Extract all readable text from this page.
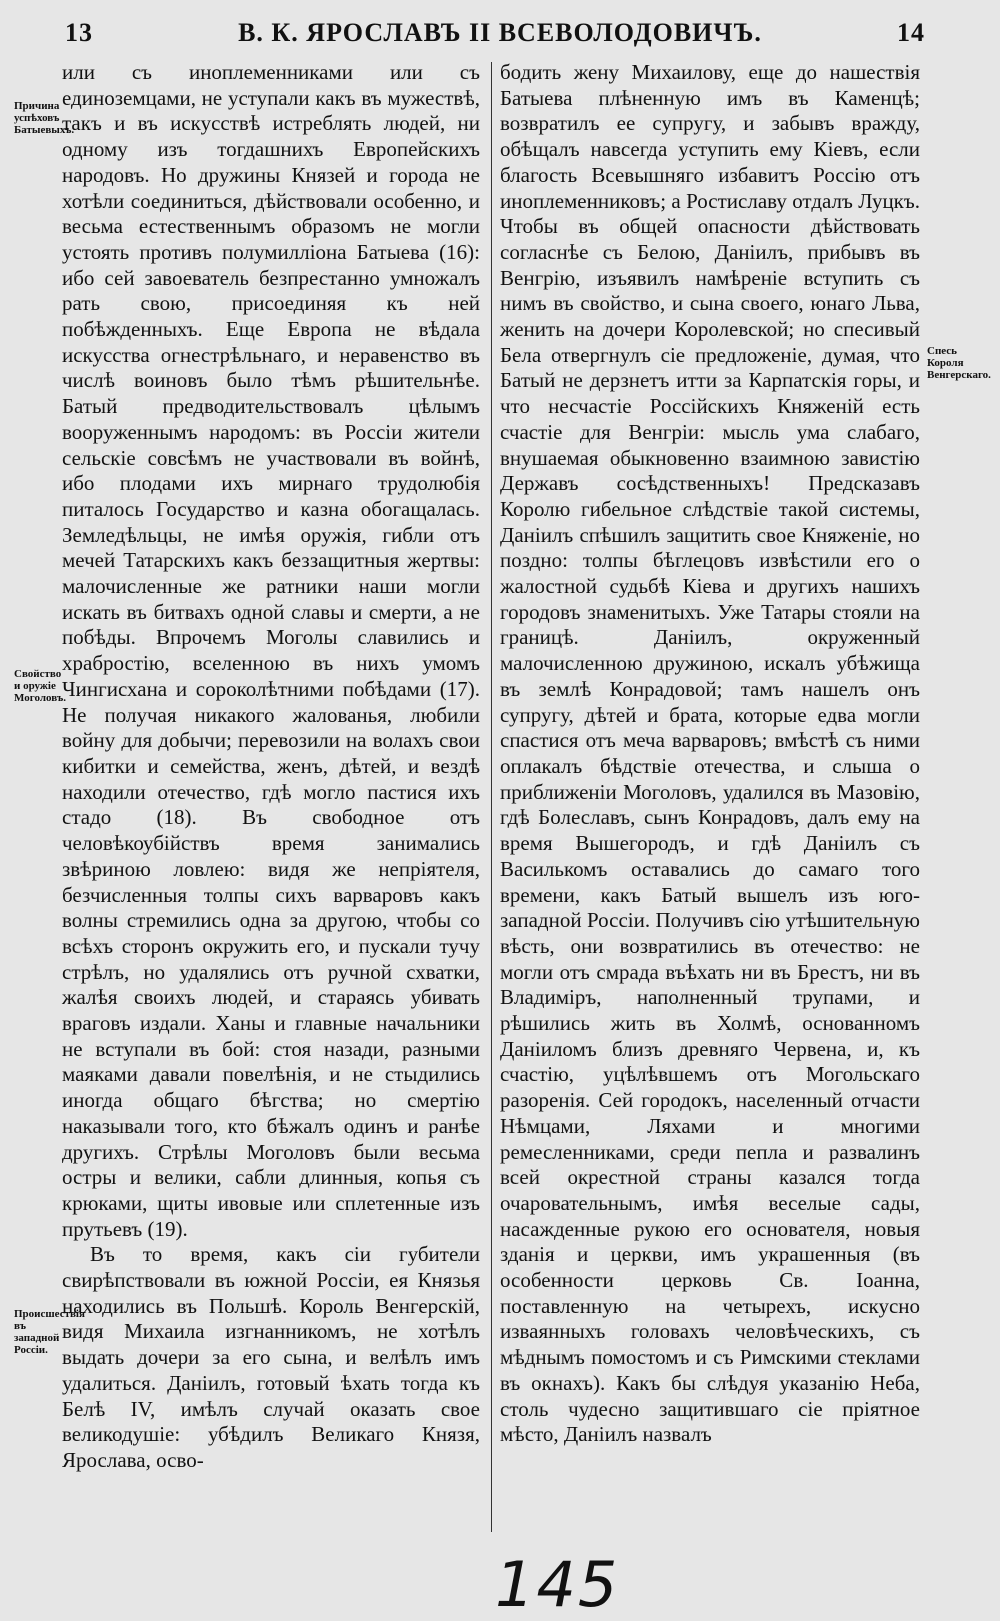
13	В. К. ЯРОСЛАВЪ II ВСЕВОЛОДОВИЧЪ.	14
Причина успѣховъ Батыевыхъ.
Свойство и оружіе Моголовъ.
Происшествія въ западной Россіи.
Спесь Короля Венгерскаго.

или съ иноплеменниками или съ единоземцами, не уступали какъ въ мужествѣ, такъ и въ искусствѣ истреблять людей, ни одному изъ тогдашнихъ Европейскихъ народовъ. Но дружины Князей и города не хотѣли соединиться, дѣйствовали особенно, и весьма естественнымъ образомъ не могли устоять противъ полумилліона Батыева (16): ибо сей завоеватель безпрестанно умножалъ рать свою, присоединяя къ ней побѣжденныхъ. Еще Европа не вѣдала искусства огнестрѣльнаго, и неравенство въ числѣ воиновъ было тѣмъ рѣшительнѣе. Батый предводительствовалъ цѣлымъ вооруженнымъ народомъ: въ Россіи жители сельскіе совсѣмъ не участвовали въ войнѣ, ибо плодами ихъ мирнаго трудолюбія питалось Государство и казна обогащалась. Земледѣльцы, не имѣя оружія, гибли отъ мечей Татарскихъ какъ беззащитныя жертвы: малочисленные же ратники наши могли искать въ битвахъ одной славы и смерти, а не побѣды. Впрочемъ Моголы славились и храбростію, вселенною въ нихъ умомъ Чингисхана и сороколѣтними побѣдами (17). Не получая никакого жалованья, любили войну для добычи; перевозили на волахъ свои кибитки и семейства, женъ, дѣтей, и вездѣ находили отечество, гдѣ могло пастися ихъ стадо (18). Въ свободное отъ человѣкоубійствъ время занимались звѣриною ловлею: видя же непріятеля, безчисленныя толпы сихъ варваровъ какъ волны стремились одна за другою, чтобы со всѣхъ сторонъ окружить его, и пускали тучу стрѣлъ, но удалялись отъ ручной схватки, жалѣя своихъ людей, и стараясь убивать враговъ издали. Ханы и главные начальники не вступали въ бой: стоя назади, разными маяками давали повелѣнія, и не стыдились иногда общаго бѣгства; но смертію наказывали того, кто бѣжалъ одинъ и ранѣе другихъ. Стрѣлы Моголовъ были весьма остры и велики, сабли длинныя, копья съ крюками, щиты ивовые или сплетенные изъ прутьевъ (19).

Въ то время, какъ сіи губители свирѣпствовали въ южной Россіи, ея Князья находились въ Польшѣ. Король Венгерскій, видя Михаила изгнанникомъ, не хотѣлъ выдать дочери за его сына, и велѣлъ имъ удалиться. Даніилъ, готовый ѣхать тогда къ Белѣ IV, имѣлъ случай оказать свое великодушіе: убѣдилъ Великаго Князя, Ярослава, осво-

бодить жену Михаилову, еще до нашествія Батыева плѣненную имъ въ Каменцѣ; возвратилъ ее супругу, и забывъ вражду, обѣщалъ навсегда уступить ему Кіевъ, если благость Всевышняго избавитъ Россію отъ иноплеменниковъ; а Ростиславу отдалъ Луцкъ. Чтобы въ общей опасности дѣйствовать согласнѣе съ Белою, Даніилъ, прибывъ въ Венгрію, изъявилъ намѣреніе вступить съ нимъ въ свойство, и сына своего, юнаго Льва, женить на дочери Королевской; но спесивый Бела отвергнулъ сіе предложеніе, думая, что Батый не дерзнетъ итти за Карпатскія горы, и что несчастіе Россійскихъ Княженій есть счастіе для Венгріи: мысль ума слабаго, внушаемая обыкновенно взаимною завистію Державъ сосѣдственныхъ! Предсказавъ Королю гибельное слѣдствіе такой системы, Даніилъ спѣшилъ защитить свое Княженіе, но поздно: толпы бѣглецовъ извѣстили его о жалостной судьбѣ Кіева и другихъ нашихъ городовъ знаменитыхъ. Уже Татары стояли на границѣ. Даніилъ, окруженный малочисленною дружиною, искалъ убѣжища въ землѣ Конрадовой; тамъ нашелъ онъ супругу, дѣтей и брата, которые едва могли спастися отъ меча варваровъ; вмѣстѣ съ ними оплакалъ бѣдствіе отечества, и слыша о приближеніи Моголовъ, удалился въ Мазовію, гдѣ Болеславъ, сынъ Конрадовъ, далъ ему на время Вышегородъ, и гдѣ Даніилъ съ Василькомъ оставались до самаго того времени, какъ Батый вышелъ изъ юго-западной Россіи. Получивъ сію утѣшительную вѣсть, они возвратились въ отечество: не могли отъ смрада въѣхать ни въ Брестъ, ни въ Владиміръ, наполненный трупами, и рѣшились жить въ Холмѣ, основанномъ Даніиломъ близъ древняго Червена, и, къ счастію, уцѣлѣвшемъ отъ Могольскаго разоренія. Сей городокъ, населенный отчасти Нѣмцами, Ляхами и многими ремесленниками, среди пепла и развалинъ всей окрестной страны казался тогда очаровательнымъ, имѣя веселые сады, насажденные рукою его основателя, новыя зданія и церкви, имъ украшенныя (въ особенности церковь Св. Іоанна, поставленную на четырехъ, искусно изваянныхъ головахъ человѣческихъ, съ мѣднымъ помостомъ и съ Римскими стеклами въ окнахъ). Какъ бы слѣдуя указанію Неба, столь чудесно защитившаго сіе пріятное мѣсто, Даніилъ назвалъ

145
